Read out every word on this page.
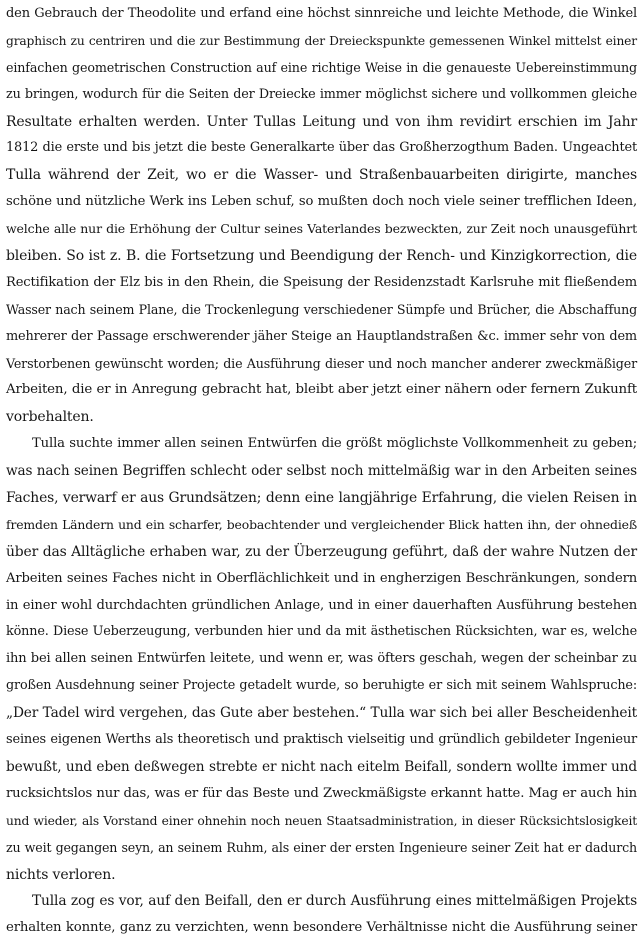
den Gebrauch der Theodolite und erfand eine höchst sinnreiche und leichte Methode, die Winkel
graphisch zu centriren und die zur Bestimmung der Dreieckspunkte gemessenen Winkel mittelst einer
einfachen geometrischen Construction auf eine richtige Weise in die genaueste Uebereinstimmung
zu bringen, wodurch für die Seiten der Dreiecke immer möglichst sichere und vollkommen gleiche
Resultate erhalten werden. Unter Tullas Leitung und von ihm revidirt erschien im Jahr
1812 die erste und bis jetzt die beste Generalkarte über das Großherzogthum Baden. Ungeachtet
Tulla während der Zeit, wo er die Wasser- und Straßenbauarbeiten dirigirte, manches
schöne und nützliche Werk ins Leben schuf, so mußten doch noch viele seiner trefflichen Ideen,
welche alle nur die Erhöhung der Cultur seines Vaterlandes bezweckten, zur Zeit noch unausgeführt
bleiben. So ist z. B. die Fortsetzung und Beendigung der Rench- und Kinzigkorrection, die
Rectifikation der Elz bis in den Rhein, die Speisung der Residenzstadt Karlsruhe mit fließendem
Wasser nach seinem Plane, die Trockenlegung verschiedener Sümpfe und Brücher, die Abschaffung
mehrerer der Passage erschwerender jäher Steige an Hauptlandstraßen &c. immer sehr von dem
Verstorbenen gewünscht worden; die Ausführung dieser und noch mancher anderer zweckmäßiger
Arbeiten, die er in Anregung gebracht hat, bleibt aber jetzt einer nähern oder fernern Zukunft
vorbehalten.
Tulla suchte immer allen seinen Entwürfen die größt möglichste Vollkommenheit zu geben;
was nach seinen Begriffen schlecht oder selbst noch mittelmäßig war in den Arbeiten seines
Faches, verwarf er aus Grundsätzen; denn eine langjährige Erfahrung, die vielen Reisen in
fremden Ländern und ein scharfer, beobachtender und vergleichender Blick hatten ihn, der ohnedieß
über das Alltägliche erhaben war, zu der Überzeugung geführt, daß der wahre Nutzen der
Arbeiten seines Faches nicht in Oberflächlichkeit und in engherzigen Beschränkungen, sondern
in einer wohl durchdachten gründlichen Anlage, und in einer dauerhaften Ausführung bestehen
könne. Diese Ueberzeugung, verbunden hier und da mit ästhetischen Rücksichten, war es, welche
ihn bei allen seinen Entwürfen leitete, und wenn er, was öfters geschah, wegen der scheinbar zu
großen Ausdehnung seiner Projecte getadelt wurde, so beruhigte er sich mit seinem Wahlspruche:
„Der Tadel wird vergehen, das Gute aber bestehen.“ Tulla war sich bei aller Bescheidenheit
seines eigenen Werths als theoretisch und praktisch vielseitig und gründlich gebildeter Ingenieur
bewußt, und eben deßwegen strebte er nicht nach eitelm Beifall, sondern wollte immer und
rucksichtslos nur das, was er für das Beste und Zweckmäßigste erkannt hatte. Mag er auch hin
und wieder, als Vorstand einer ohnehin noch neuen Staatsadministration, in dieser Rücksichtslosigkeit
zu weit gegangen seyn, an seinem Ruhm, als einer der ersten Ingenieure seiner Zeit hat er dadurch
nichts verloren.
Tulla zog es vor, auf den Beifall, den er durch Ausführung eines mittelmäßigen Projekts
erhalten konnte, ganz zu verzichten, wenn besondere Verhältnisse nicht die Ausführung seiner
